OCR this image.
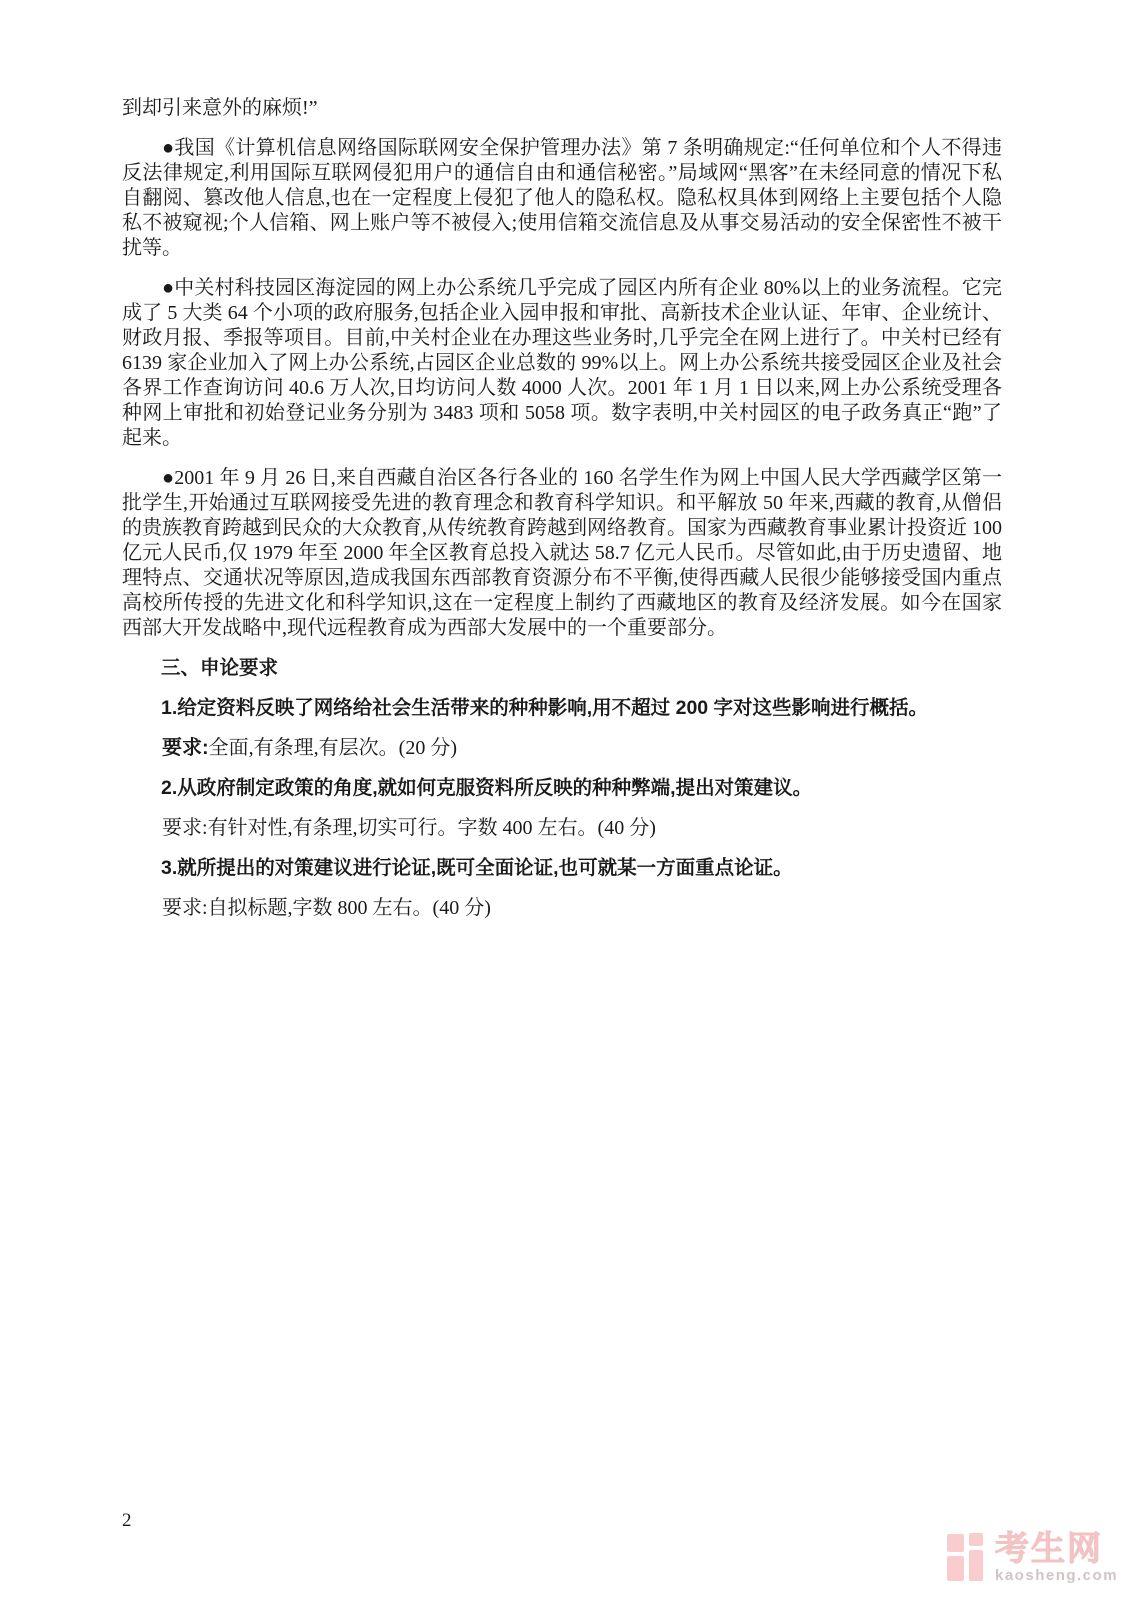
到却引来意外的麻烦!”

●我国《计算机信息网络国际联网安全保护管理办法》第 7 条明确规定:“任何单位和个人不得违反法律规定,利用国际互联网侵犯用户的通信自由和通信秘密。”局域网“黑客”在未经同意的情况下私自翻阅、篡改他人信息,也在一定程度上侵犯了他人的隐私权。隐私权具体到网络上主要包括个人隐私不被窥视;个人信箱、网上账户等不被侵入;使用信箱交流信息及从事交易活动的安全保密性不被干扰等。

●中关村科技园区海淀园的网上办公系统几乎完成了园区内所有企业 80%以上的业务流程。它完成了 5 大类 64 个小项的政府服务,包括企业入园申报和审批、高新技术企业认证、年审、企业统计、财政月报、季报等项目。目前,中关村企业在办理这些业务时,几乎完全在网上进行了。中关村已经有 6139 家企业加入了网上办公系统,占园区企业总数的 99%以上。网上办公系统共接受园区企业及社会各界工作查询访问 40.6 万人次,日均访问人数 4000 人次。2001 年 1 月 1 日以来,网上办公系统受理各种网上审批和初始登记业务分别为 3483 项和 5058 项。数字表明,中关村园区的电子政务真正“跑”了起来。

●2001 年 9 月 26 日,来自西藏自治区各行各业的 160 名学生作为网上中国人民大学西藏学区第一批学生,开始通过互联网接受先进的教育理念和教育科学知识。和平解放 50 年来,西藏的教育,从僧侣的贵族教育跨越到民众的大众教育,从传统教育跨越到网络教育。国家为西藏教育事业累计投资近 100 亿元人民币,仅 1979 年至 2000 年全区教育总投入就达 58.7 亿元人民币。尽管如此,由于历史遗留、地理特点、交通状况等原因,造成我国东西部教育资源分布不平衡,使得西藏人民很少能够接受国内重点高校所传授的先进文化和科学知识,这在一定程度上制约了西藏地区的教育及经济发展。如今在国家西部大开发战略中,现代远程教育成为西部大发展中的一个重要部分。

三、申论要求

1.给定资料反映了网络给社会生活带来的种种影响,用不超过 200 字对这些影响进行概括。

要求:全面,有条理,有层次。(20 分)

2.从政府制定政策的角度,就如何克服资料所反映的种种弊端,提出对策建议。

要求:有针对性,有条理,切实可行。字数 400 左右。(40 分)

3.就所提出的对策建议进行论证,既可全面论证,也可就某一方面重点论证。

要求:自拟标题,字数 800 左右。(40 分)

2
考生网
kaosheng.com
